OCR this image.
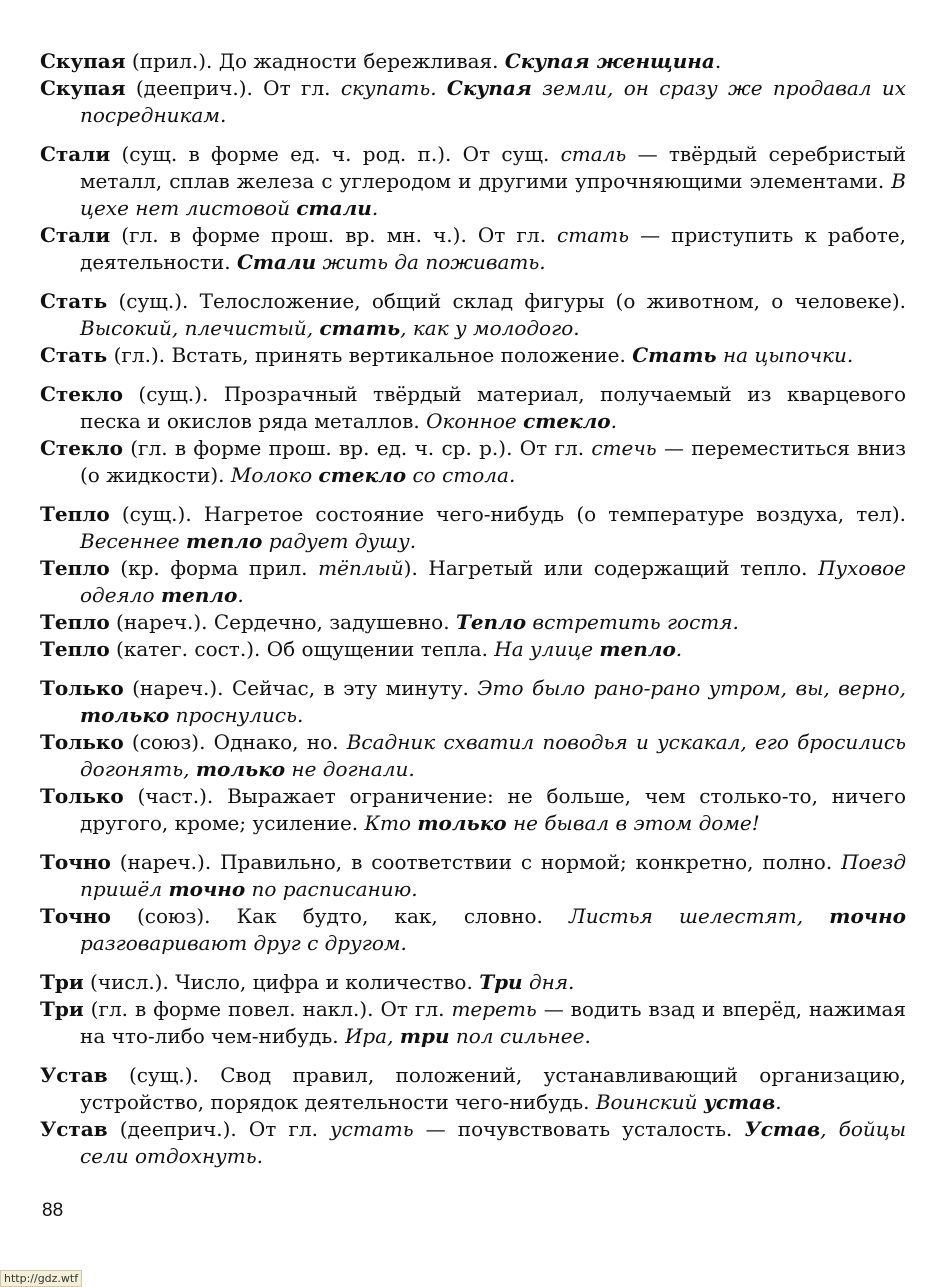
Скупая (прил.). До жадности бережливая. Скупая женщина.

Скупая (дееприч.). От гл. скупать. Скупая земли, он сразу же продавал их посредникам.

Стали (сущ. в форме ед. ч. род. п.). От сущ. сталь — твёрдый серебристый металл, сплав железа с углеродом и другими упрочняющими элементами. В цехе нет листовой стали.

Стали (гл. в форме прош. вр. мн. ч.). От гл. стать — приступить к работе, деятельности. Стали жить да поживать.

Стать (сущ.). Телосложение, общий склад фигуры (о животном, о человеке). Высокий, плечистый, стать, как у молодого.

Стать (гл.). Встать, принять вертикальное положение. Стать на цыпочки.

Стекло (сущ.). Прозрачный твёрдый материал, получаемый из кварцевого песка и окислов ряда металлов. Оконное стекло.

Стекло (гл. в форме прош. вр. ед. ч. ср. р.). От гл. стечь — переместиться вниз (о жидкости). Молоко стекло со стола.

Тепло (сущ.). Нагретое состояние чего-нибудь (о температуре воздуха, тел). Весеннее тепло радует душу.

Тепло (кр. форма прил. тёплый). Нагретый или содержащий тепло. Пуховое одеяло тепло.

Тепло (нареч.). Сердечно, задушевно. Тепло встретить гостя.

Тепло (катег. сост.). Об ощущении тепла. На улице тепло.

Только (нареч.). Сейчас, в эту минуту. Это было рано-рано утром, вы, верно, только проснулись.

Только (союз). Однако, но. Всадник схватил поводья и ускакал, его бросились догонять, только не догнали.

Только (част.). Выражает ограничение: не больше, чем столько-то, ничего другого, кроме; усиление. Кто только не бывал в этом доме!

Точно (нареч.). Правильно, в соответствии с нормой; конкретно, полно. Поезд пришёл точно по расписанию.

Точно (союз). Как будто, как, словно. Листья шелестят, точно разговаривают друг с другом.

Три (числ.). Число, цифра и количество. Три дня.

Три (гл. в форме повел. накл.). От гл. тереть — водить взад и вперёд, нажимая на что-либо чем-нибудь. Ира, три пол сильнее.

Устав (сущ.). Свод правил, положений, устанавливающий организацию, устройство, порядок деятельности чего-нибудь. Воинский устав.

Устав (дееприч.). От гл. устать — почувствовать усталость. Устав, бойцы сели отдохнуть.

88
http://gdz.wtf
